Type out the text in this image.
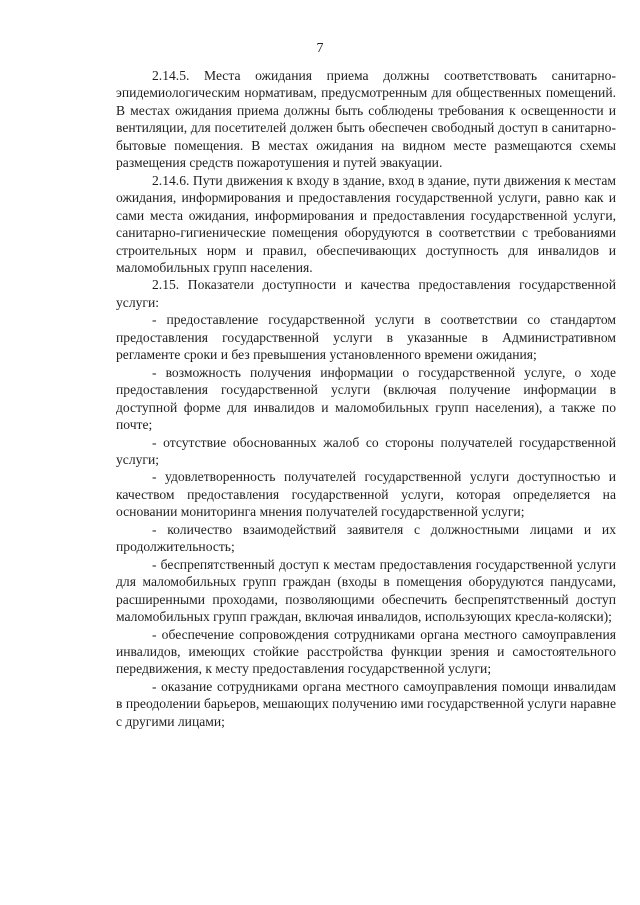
7

2.14.5. Места ожидания приема должны соответствовать санитарно-эпидемиологическим нормативам, предусмотренным для общественных помещений. В местах ожидания приема должны быть соблюдены требования к освещенности и вентиляции, для посетителей должен быть обеспечен свободный доступ в санитарно-бытовые помещения. В местах ожидания на видном месте размещаются схемы размещения средств пожаротушения и путей эвакуации.

2.14.6. Пути движения к входу в здание, вход в здание, пути движения к местам ожидания, информирования и предоставления государственной услуги, равно как и сами места ожидания, информирования и предоставления государственной услуги, санитарно-гигиенические помещения оборудуются в соответствии с требованиями строительных норм и правил, обеспечивающих доступность для инвалидов и маломобильных групп населения.

2.15. Показатели доступности и качества предоставления государственной услуги:

- предоставление государственной услуги в соответствии со стандартом предоставления государственной услуги в указанные в Административном регламенте сроки и без превышения установленного времени ожидания;

- возможность получения информации о государственной услуге, о ходе предоставления государственной услуги (включая получение информации в доступной форме для инвалидов и маломобильных групп населения), а также по почте;

- отсутствие обоснованных жалоб со стороны получателей государственной услуги;

- удовлетворенность получателей государственной услуги доступностью и качеством предоставления государственной услуги, которая определяется на основании мониторинга мнения получателей государственной услуги;

- количество взаимодействий заявителя с должностными лицами и их продолжительность;

- беспрепятственный доступ к местам предоставления государственной услуги для маломобильных групп граждан (входы в помещения оборудуются пандусами, расширенными проходами, позволяющими обеспечить беспрепятственный доступ маломобильных групп граждан, включая инвалидов, использующих кресла-коляски);

- обеспечение сопровождения сотрудниками органа местного самоуправления инвалидов, имеющих стойкие расстройства функции зрения и самостоятельного передвижения, к месту предоставления государственной услуги;

- оказание сотрудниками органа местного самоуправления помощи инвалидам в преодолении барьеров, мешающих получению ими государственной услуги наравне с другими лицами;
